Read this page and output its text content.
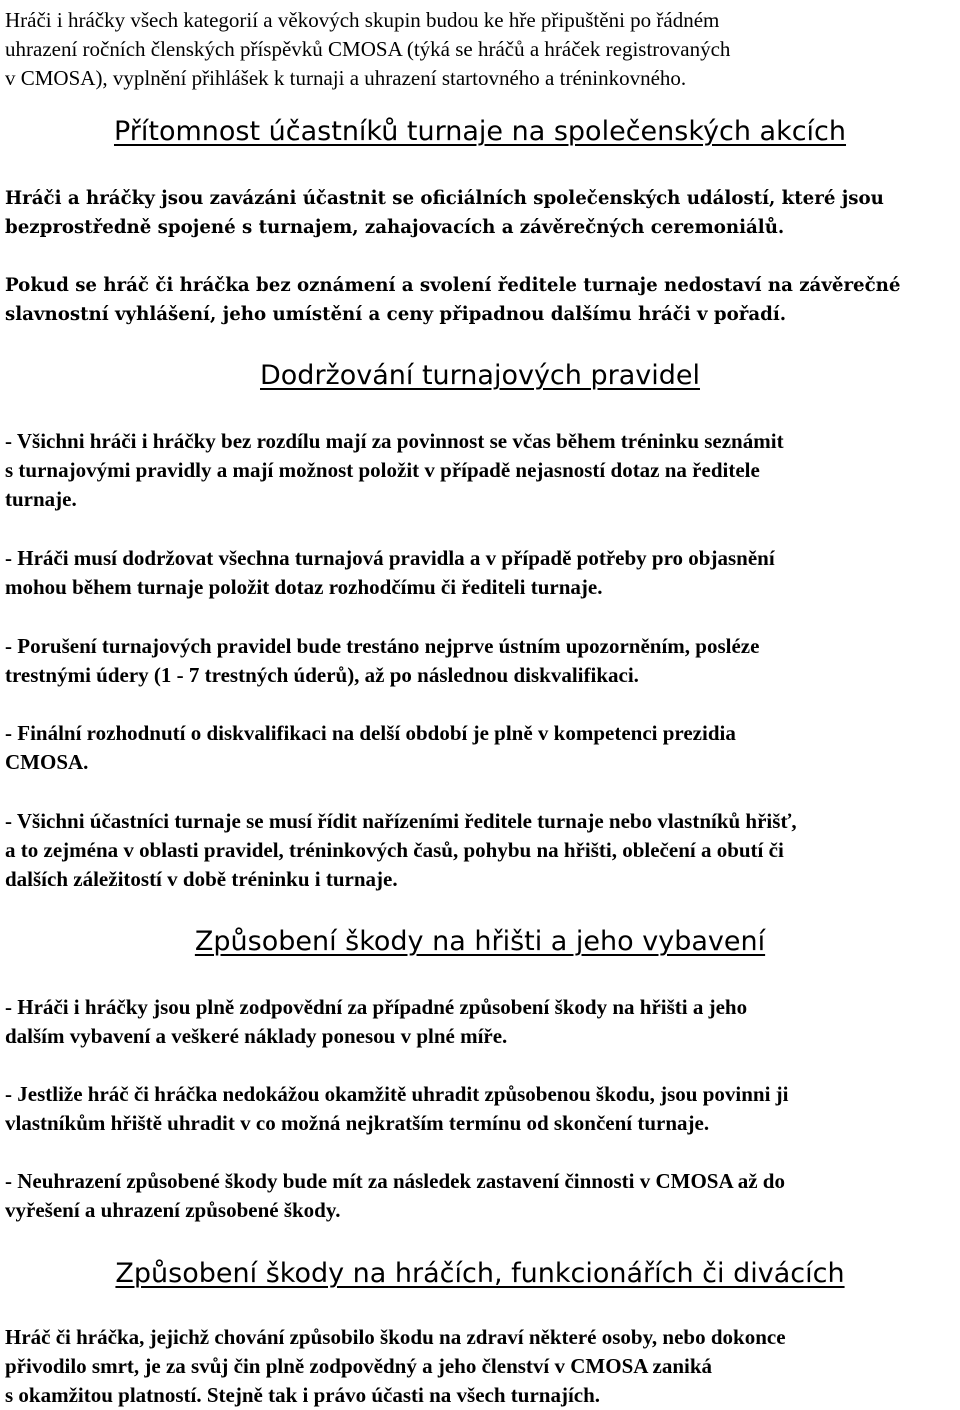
Hráči i hráčky všech kategorií a věkových skupin budou ke hře připuštěni po řádném
uhrazení ročních členských příspěvků CMOSA (týká se hráčů a hráček registrovaných
v CMOSA), vyplnění přihlášek k turnaji a uhrazení startovného a tréninkovného.

Přítomnost účastníků turnaje na společenských akcích

Hráči a hráčky jsou zavázáni účastnit se oficiálních společenských událostí, které jsou
bezprostředně spojené s turnajem, zahajovacích a závěrečných ceremoniálů.

Pokud se hráč či hráčka bez oznámení a svolení ředitele turnaje nedostaví na závěrečné
slavnostní vyhlášení, jeho umístění a ceny připadnou dalšímu hráči v pořadí.

Dodržování turnajových pravidel

- Všichni hráči i hráčky bez rozdílu mají za povinnost se včas během tréninku seznámit
s turnajovými pravidly a mají možnost položit v případě nejasností dotaz na ředitele
turnaje.

- Hráči musí dodržovat všechna turnajová pravidla a v případě potřeby pro objasnění
mohou během turnaje položit dotaz rozhodčímu či řediteli turnaje.

- Porušení turnajových pravidel bude trestáno nejprve ústním upozorněním, posléze
trestnými údery (1 - 7 trestných úderů), až po následnou diskvalifikaci.

- Finální rozhodnutí o diskvalifikaci na delší období je plně v kompetenci prezidia
CMOSA.

- Všichni účastníci turnaje se musí řídit nařízeními ředitele turnaje nebo vlastníků hřišť,
a to zejména v oblasti pravidel, tréninkových časů, pohybu na hřišti, oblečení a obutí či
dalších záležitostí v době tréninku i turnaje.

Způsobení škody na hřišti a jeho vybavení

- Hráči i hráčky jsou plně zodpovědní za případné způsobení škody na hřišti a jeho
dalším vybavení a veškeré náklady ponesou v plné míře.

- Jestliže hráč či hráčka nedokážou okamžitě uhradit způsobenou škodu, jsou povinni ji
vlastníkům hřiště uhradit v co možná nejkratším termínu od skončení turnaje.

- Neuhrazení způsobené škody bude mít za následek zastavení činnosti v CMOSA až do
vyřešení a uhrazení způsobené škody.

Způsobení škody na hráčích, funkcionářích či divácích

Hráč či hráčka, jejichž chování způsobilo škodu na zdraví některé osoby, nebo dokonce
přivodilo smrt, je za svůj čin plně zodpovědný a jeho členství v CMOSA zaniká
s okamžitou platností. Stejně tak i právo účasti na všech turnajích.
